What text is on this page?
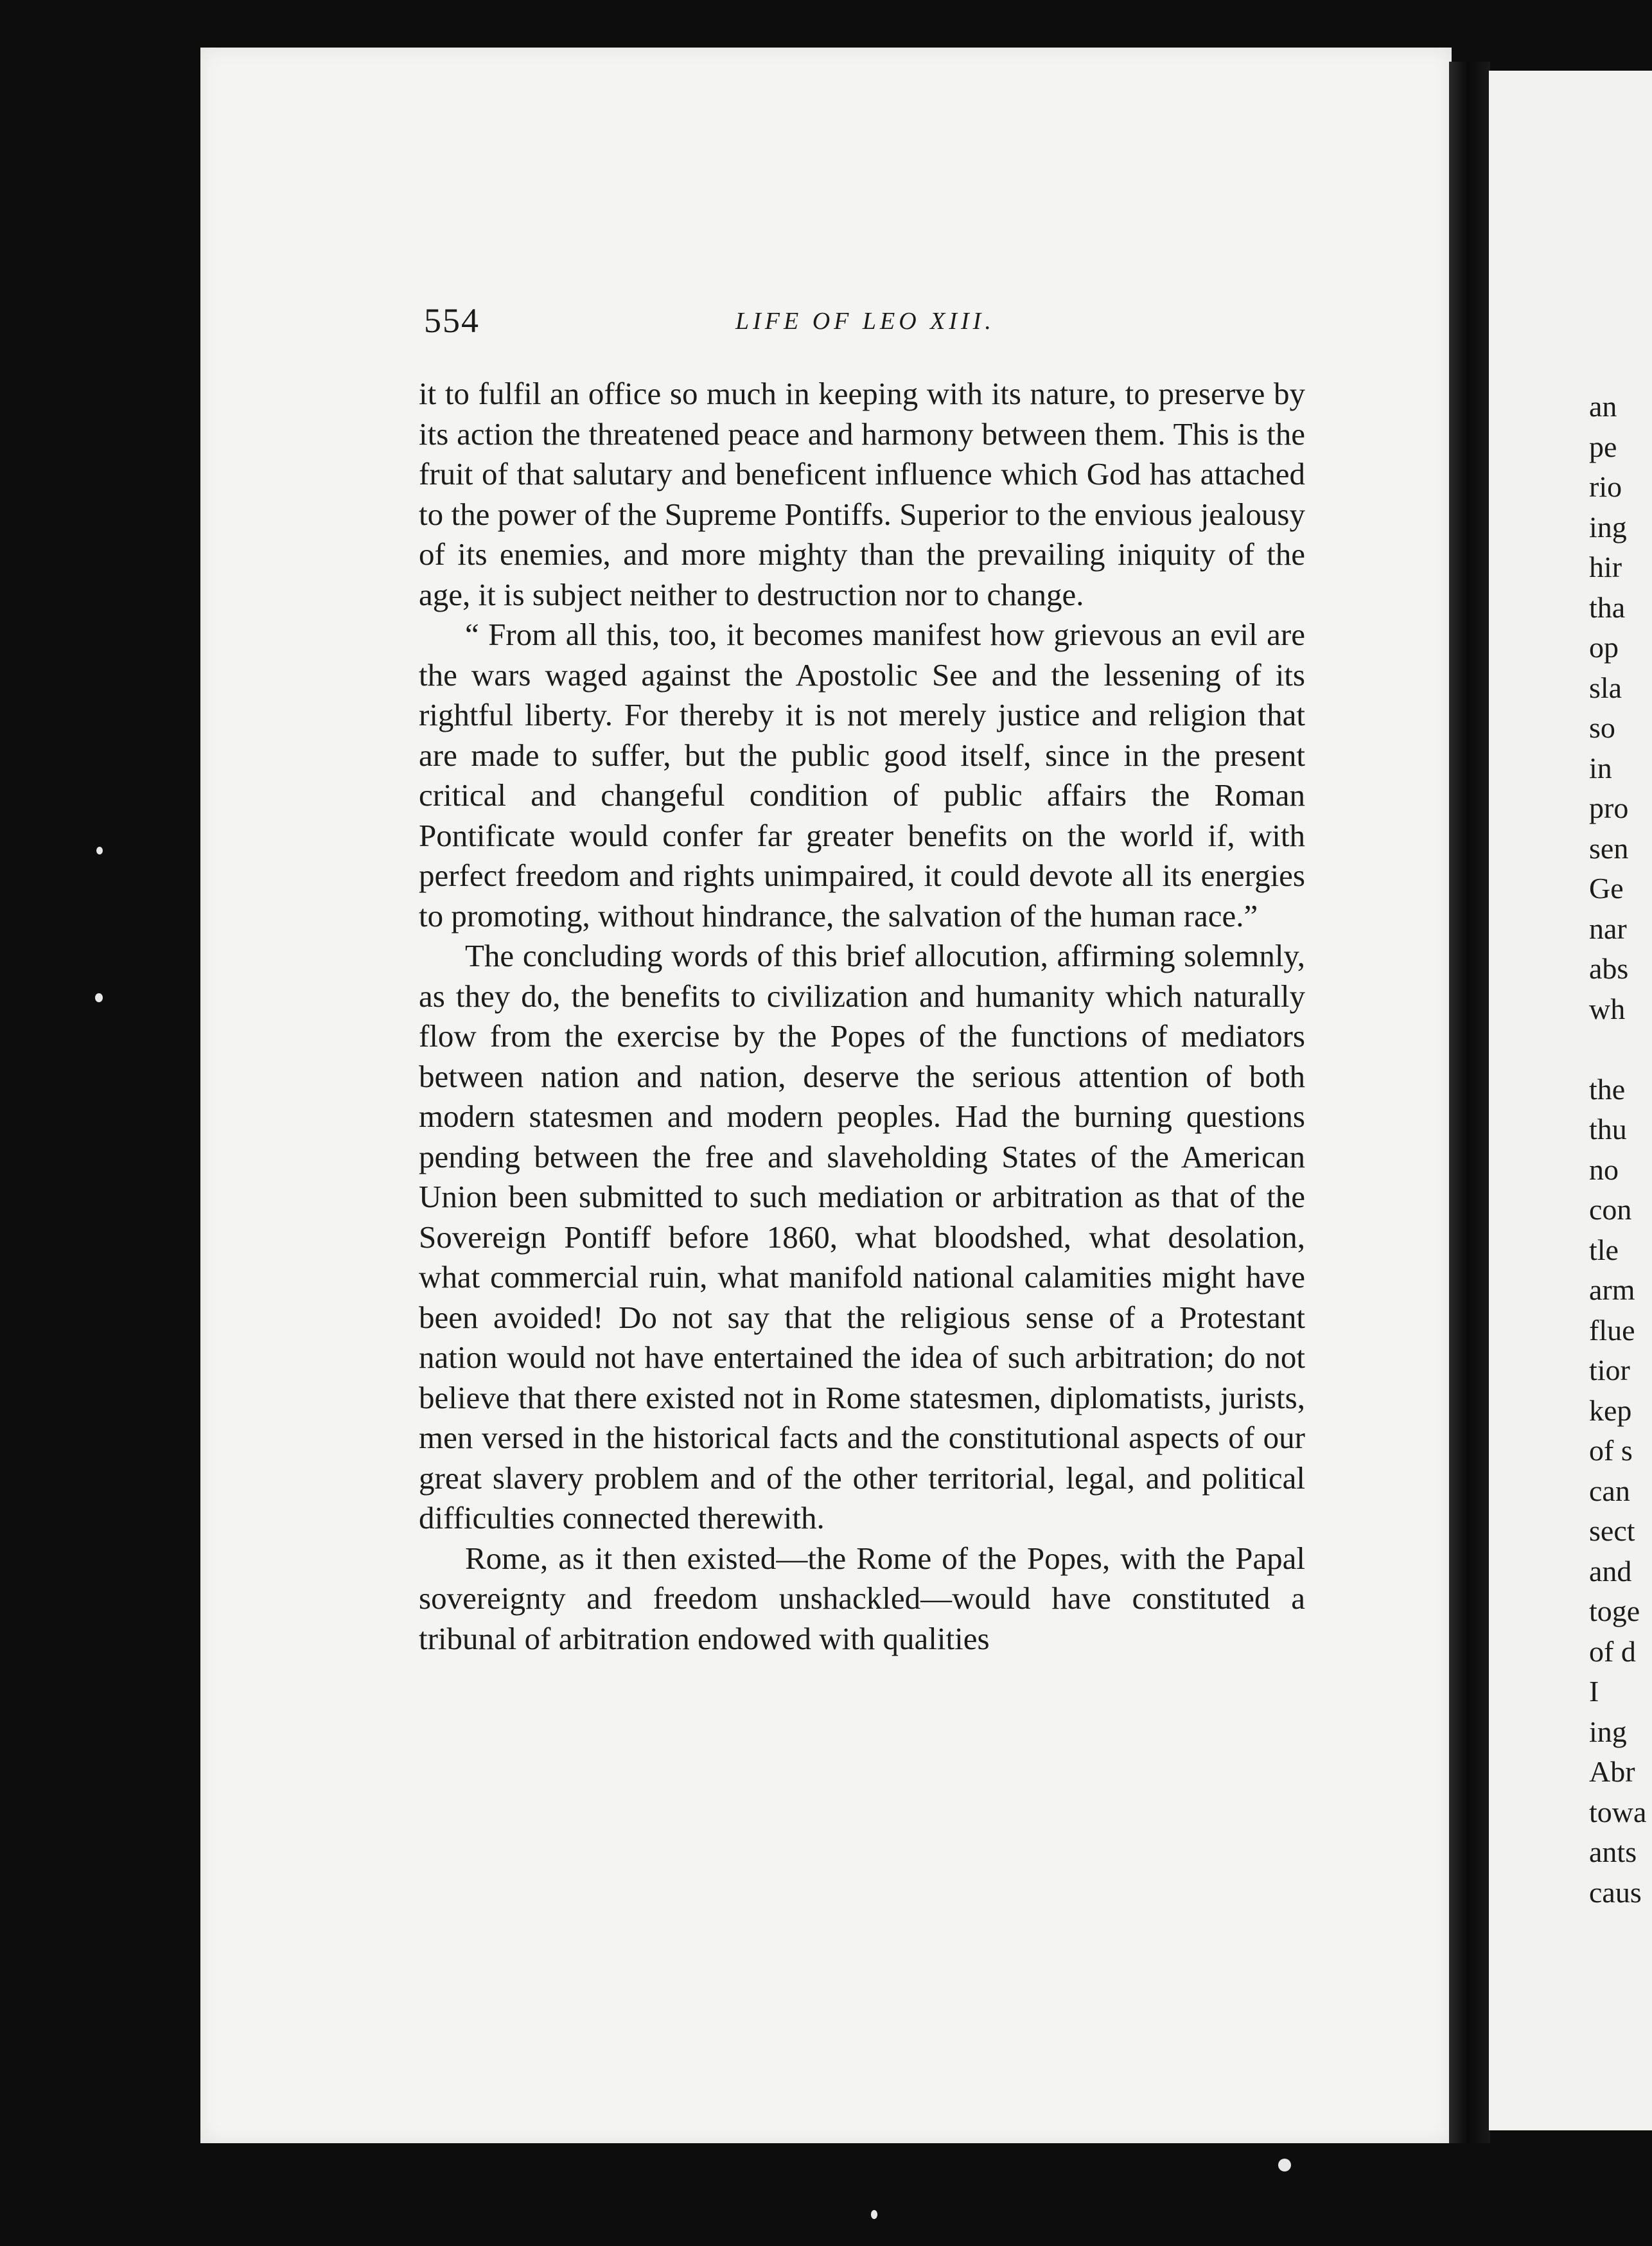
554	LIFE OF LEO XIII.

it to fulfil an office so much in keeping with its nature, to preserve by its action the threatened peace and harmony between them. This is the fruit of that salutary and beneficent influence which God has attached to the power of the Supreme Pontiffs. Superior to the envious jealousy of its enemies, and more mighty than the prevailing iniquity of the age, it is subject neither to destruction nor to change.

“ From all this, too, it becomes manifest how grievous an evil are the wars waged against the Apostolic See and the lessening of its rightful liberty. For thereby it is not merely justice and religion that are made to suffer, but the public good itself, since in the present critical and changeful condition of public affairs the Roman Pontificate would confer far greater benefits on the world if, with perfect freedom and rights unimpaired, it could devote all its energies to promoting, without hindrance, the salvation of the human race.”

The concluding words of this brief allocution, affirming solemnly, as they do, the benefits to civilization and humanity which naturally flow from the exercise by the Popes of the functions of mediators between nation and nation, deserve the serious attention of both modern statesmen and modern peoples. Had the burning questions pending between the free and slaveholding States of the American Union been submitted to such mediation or arbitration as that of the Sovereign Pontiff before 1860, what bloodshed, what desolation, what commercial ruin, what manifold national calamities might have been avoided! Do not say that the religious sense of a Protestant nation would not have entertained the idea of such arbitration; do not believe that there existed not in Rome statesmen, diplomatists, jurists, men versed in the historical facts and the constitutional aspects of our great slavery problem and of the other territorial, legal, and political difficulties connected therewith.

Rome, as it then existed—the Rome of the Popes, with the Papal sovereignty and freedom unshackled—would have constituted a tribunal of arbitration endowed with qualities

an
pe
rio
ing
hir
tha
op
sla
so
in
pro
sen
Ge
nar
abs
wh
the
thu
no
con
tle
arm
flue
tior
kep
of s
can
sect
and
toge
of d
I
ing
Abr
towa
ants
caus
